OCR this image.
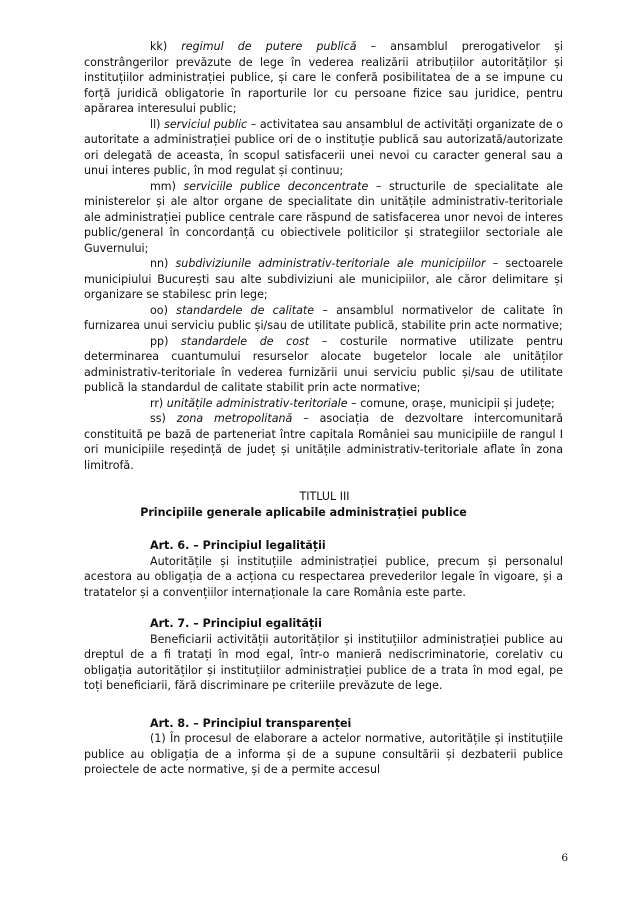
kk) regimul de putere publică – ansamblul prerogativelor și constrângerilor prevăzute de lege în vederea realizării atribuțiilor autorităților și instituțiilor administrației publice, și care le conferă posibilitatea de a se impune cu forță juridică obligatorie în raporturile lor cu persoane fizice sau juridice, pentru apărarea interesului public;

ll) serviciul public – activitatea sau ansamblul de activități organizate de o autoritate a administrației publice ori de o instituție publică sau autorizată/autorizate ori delegată de aceasta, în scopul satisfacerii unei nevoi cu caracter general sau a unui interes public, în mod regulat și continuu;

mm) serviciile publice deconcentrate – structurile de specialitate ale ministerelor și ale altor organe de specialitate din unitățile administrativ-teritoriale ale administrației publice centrale care răspund de satisfacerea unor nevoi de interes public/general în concordanță cu obiectivele politicilor și strategiilor sectoriale ale Guvernului;

nn) subdiviziunile administrativ-teritoriale ale municipiilor – sectoarele municipiului București sau alte subdiviziuni ale municipiilor, ale căror delimitare și organizare se stabilesc prin lege;

oo) standardele de calitate – ansamblul normativelor de calitate în furnizarea unui serviciu public și/sau de utilitate publică, stabilite prin acte normative;

pp) standardele de cost – costurile normative utilizate pentru determinarea cuantumului resurselor alocate bugetelor locale ale unităților administrativ-teritoriale în vederea furnizării unui serviciu public și/sau de utilitate publică la standardul de calitate stabilit prin acte normative;

rr) unitățile administrativ-teritoriale – comune, orașe, municipii și județe;

ss) zona metropolitană – asociația de dezvoltare intercomunitară constituită pe bază de parteneriat între capitala României sau municipiile de rangul I ori municipiile reședință de județ și unitățile administrativ-teritoriale aflate în zona limitrofă.

TITLUL III
Principiile generale aplicabile administrației publice

Art. 6. – Principiul legalității

Autoritățile și instituțiile administrației publice, precum și personalul acestora au obligația de a acționa cu respectarea prevederilor legale în vigoare, și a tratatelor și a convențiilor internaționale la care România este parte.

Art. 7. – Principiul egalității

Beneficiarii activității autorităților și instituțiilor administrației publice au dreptul de a fi tratați în mod egal, într-o manieră nediscriminatorie, corelativ cu obligația autorităților și instituțiilor administrației publice de a trata în mod egal, pe toți beneficiarii, fără discriminare pe criteriile prevăzute de lege.

Art. 8. – Principiul transparenței

(1) În procesul de elaborare a actelor normative, autoritățile și instituțiile publice au obligația de a informa și de a supune consultării și dezbaterii publice proiectele de acte normative, și de a permite accesul

6
